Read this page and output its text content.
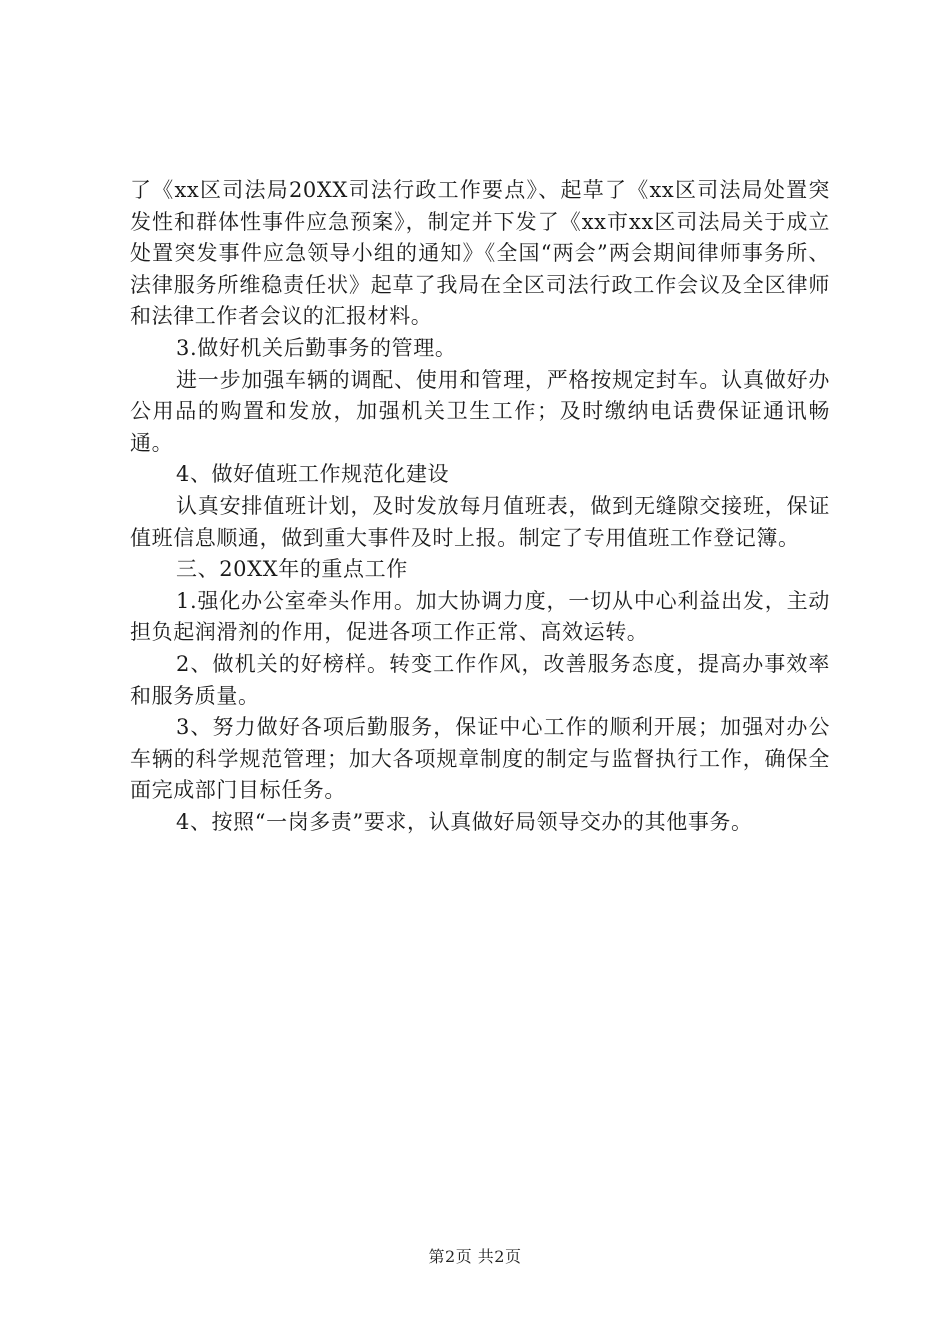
了《xx区司法局20XX司法行政工作要点》、起草了《xx区司法局处置突发性和群体性事件应急预案》，制定并下发了《xx市xx区司法局关于成立处置突发事件应急领导小组的通知》《全国“两会”两会期间律师事务所、法律服务所维稳责任状》起草了我局在全区司法行政工作会议及全区律师和法律工作者会议的汇报材料。

3.做好机关后勤事务的管理。

进一步加强车辆的调配、使用和管理，严格按规定封车。认真做好办公用品的购置和发放，加强机关卫生工作；及时缴纳电话费保证通讯畅通。

4、做好值班工作规范化建设

认真安排值班计划，及时发放每月值班表，做到无缝隙交接班，保证值班信息顺通，做到重大事件及时上报。制定了专用值班工作登记簿。

三、20XX年的重点工作

1.强化办公室牵头作用。加大协调力度，一切从中心利益出发，主动担负起润滑剂的作用，促进各项工作正常、高效运转。

2、做机关的好榜样。转变工作作风，改善服务态度，提高办事效率和服务质量。

3、努力做好各项后勤服务，保证中心工作的顺利开展；加强对办公车辆的科学规范管理；加大各项规章制度的制定与监督执行工作，确保全面完成部门目标任务。

4、按照“一岗多责”要求，认真做好局领导交办的其他事务。

第2页 共2页
